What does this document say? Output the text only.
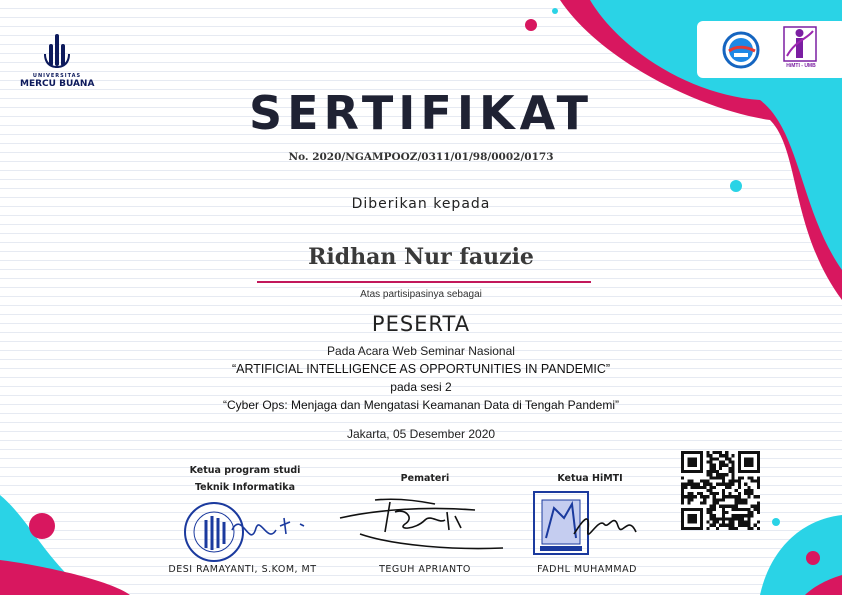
UNIVERSITAS
MERCU BUANA
HiMTI - UMB
SERTIFIKAT
No. 2020/NGAMPOOZ/0311/01/98/0002/0173
Diberikan kepada
Ridhan Nur fauzie
Atas partisipasinya sebagai
PESERTA
Pada Acara Web Seminar Nasional
“ARTIFICIAL INTELLIGENCE AS OPPORTUNITIES IN PANDEMIC”
pada sesi 2
“Cyber Ops: Menjaga dan Mengatasi Keamanan Data di Tengah Pandemi”
Jakarta, 05 Desember 2020
Ketua program studi
Teknik Informatika
DESI RAMAYANTI, S.KOM, MT
Pemateri
TEGUH APRIANTO
Ketua HiMTI
FADHL MUHAMMAD
